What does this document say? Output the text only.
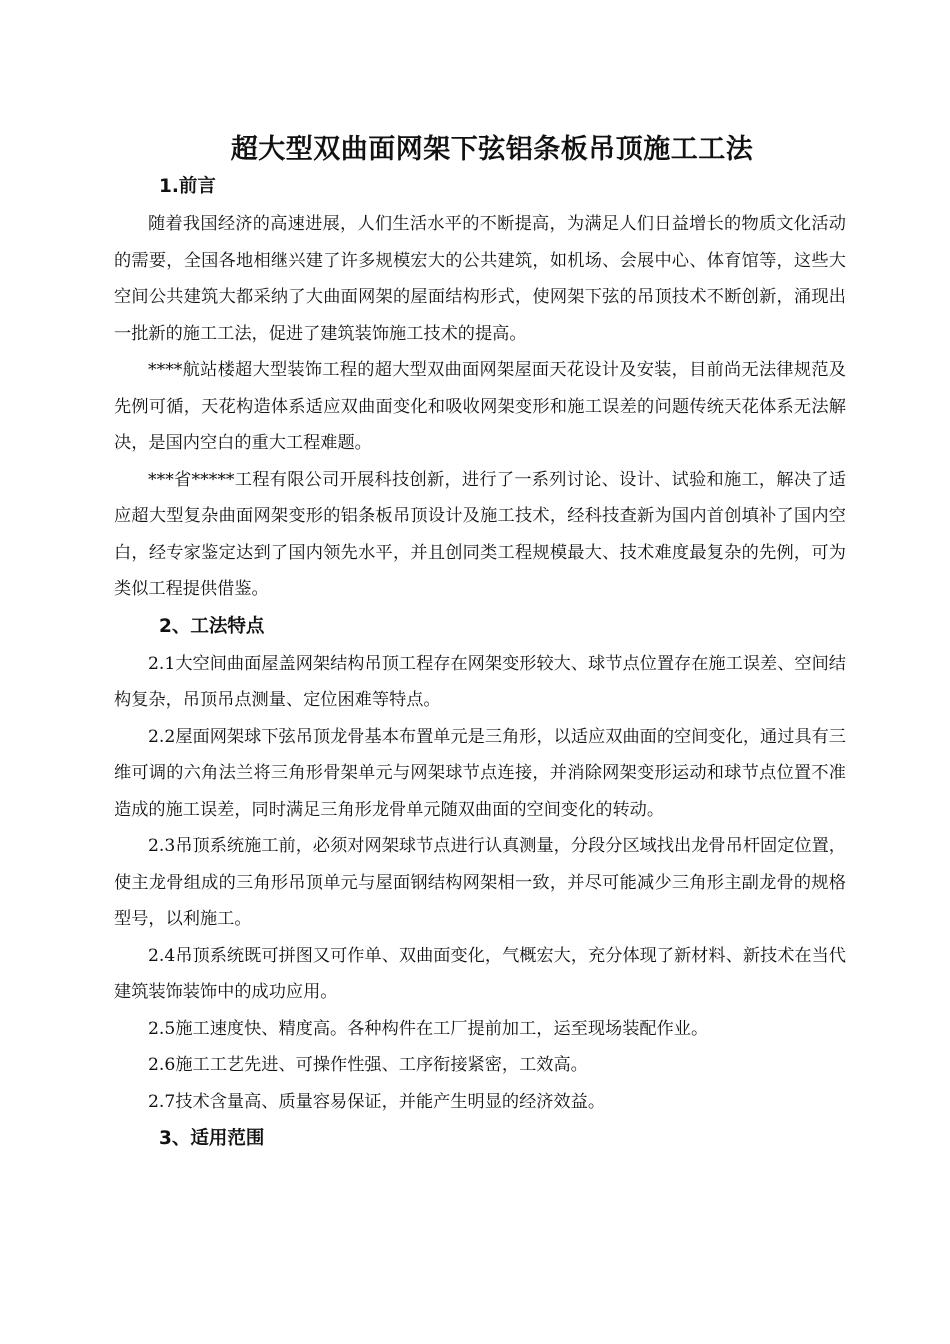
超大型双曲面网架下弦铝条板吊顶施工工法
1.前言

随着我国经济的高速进展，人们生活水平的不断提高，为满足人们日益增长的物质文化活动的需要，全国各地相继兴建了许多规模宏大的公共建筑，如机场、会展中心、体育馆等，这些大空间公共建筑大都采纳了大曲面网架的屋面结构形式，使网架下弦的吊顶技术不断创新，涌现出一批新的施工工法，促进了建筑装饰施工技术的提高。

****航站楼超大型装饰工程的超大型双曲面网架屋面天花设计及安装，目前尚无法律规范及先例可循，天花构造体系适应双曲面变化和吸收网架变形和施工误差的问题传统天花体系无法解决，是国内空白的重大工程难题。

***省*****工程有限公司开展科技创新，进行了一系列讨论、设计、试验和施工，解决了适应超大型复杂曲面网架变形的铝条板吊顶设计及施工技术，经科技查新为国内首创填补了国内空白，经专家鉴定达到了国内领先水平，并且创同类工程规模最大、技术难度最复杂的先例，可为类似工程提供借鉴。

2、工法特点

2.1大空间曲面屋盖网架结构吊顶工程存在网架变形较大、球节点位置存在施工误差、空间结构复杂，吊顶吊点测量、定位困难等特点。

2.2屋面网架球下弦吊顶龙骨基本布置单元是三角形，以适应双曲面的空间变化，通过具有三维可调的六角法兰将三角形骨架单元与网架球节点连接，并消除网架变形运动和球节点位置不准造成的施工误差，同时满足三角形龙骨单元随双曲面的空间变化的转动。

2.3吊顶系统施工前，必须对网架球节点进行认真测量，分段分区域找出龙骨吊杆固定位置，使主龙骨组成的三角形吊顶单元与屋面钢结构网架相一致，并尽可能减少三角形主副龙骨的规格型号，以利施工。

2.4吊顶系统既可拼图又可作单、双曲面变化，气概宏大，充分体现了新材料、新技术在当代建筑装饰装饰中的成功应用。

2.5施工速度快、精度高。各种构件在工厂提前加工，运至现场装配作业。

2.6施工工艺先进、可操作性强、工序衔接紧密，工效高。

2.7技术含量高、质量容易保证，并能产生明显的经济效益。

3、适用范围
